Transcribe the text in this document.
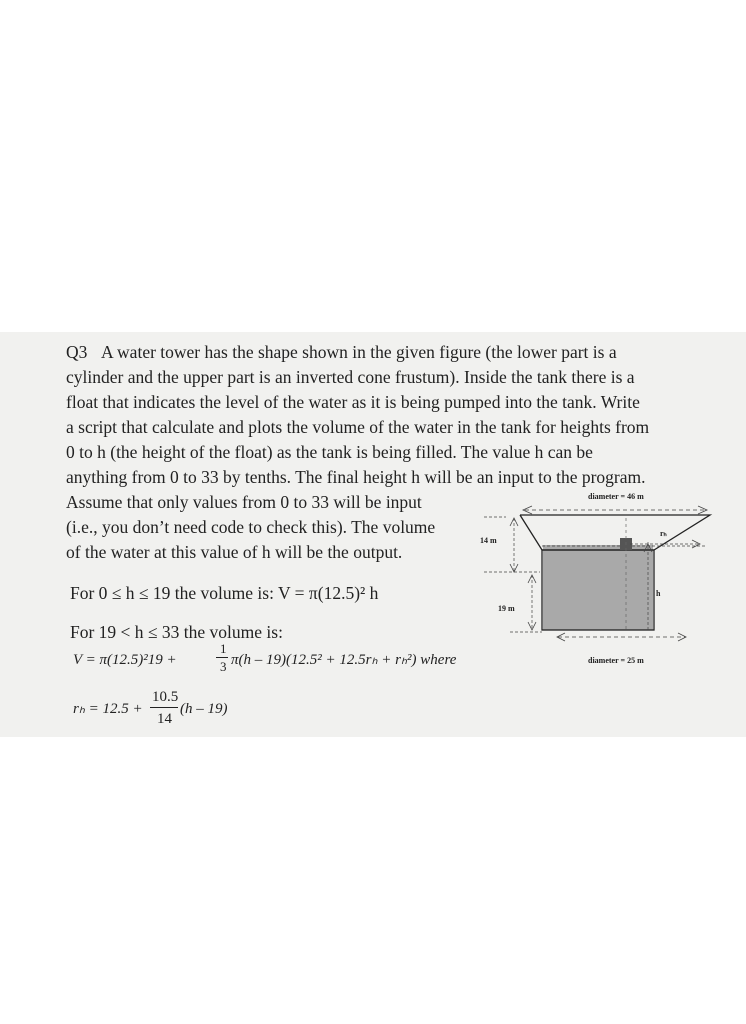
Q3 A water tower has the shape shown in the given figure (the lower part is a
cylinder and the upper part is an inverted cone frustum). Inside the tank there is a
float that indicates the level of the water as it is being pumped into the tank. Write
a script that calculate and plots the volume of the water in the tank for heights from
0 to h (the height of the float) as the tank is being filled. The value h can be
anything from 0 to 33 by tenths. The final height h will be an input to the program.
Assume that only values from 0 to 33 will be input
(i.e., you don’t need code to check this). The volume
of the water at this value of h will be the output.
For 0 ≤ h ≤ 19 the volume is: V = π(12.5)² h
For 19 < h ≤ 33 the volume is:
V = π(12.5)²19 +
1
3 π(h – 19)(12.5² + 12.5rₕ + rₕ²) where
rₕ = 12.5 +
10.5
14
(h – 19)
diameter = 46 m
diameter = 25 m
14 m
19 m
rₕ
h
